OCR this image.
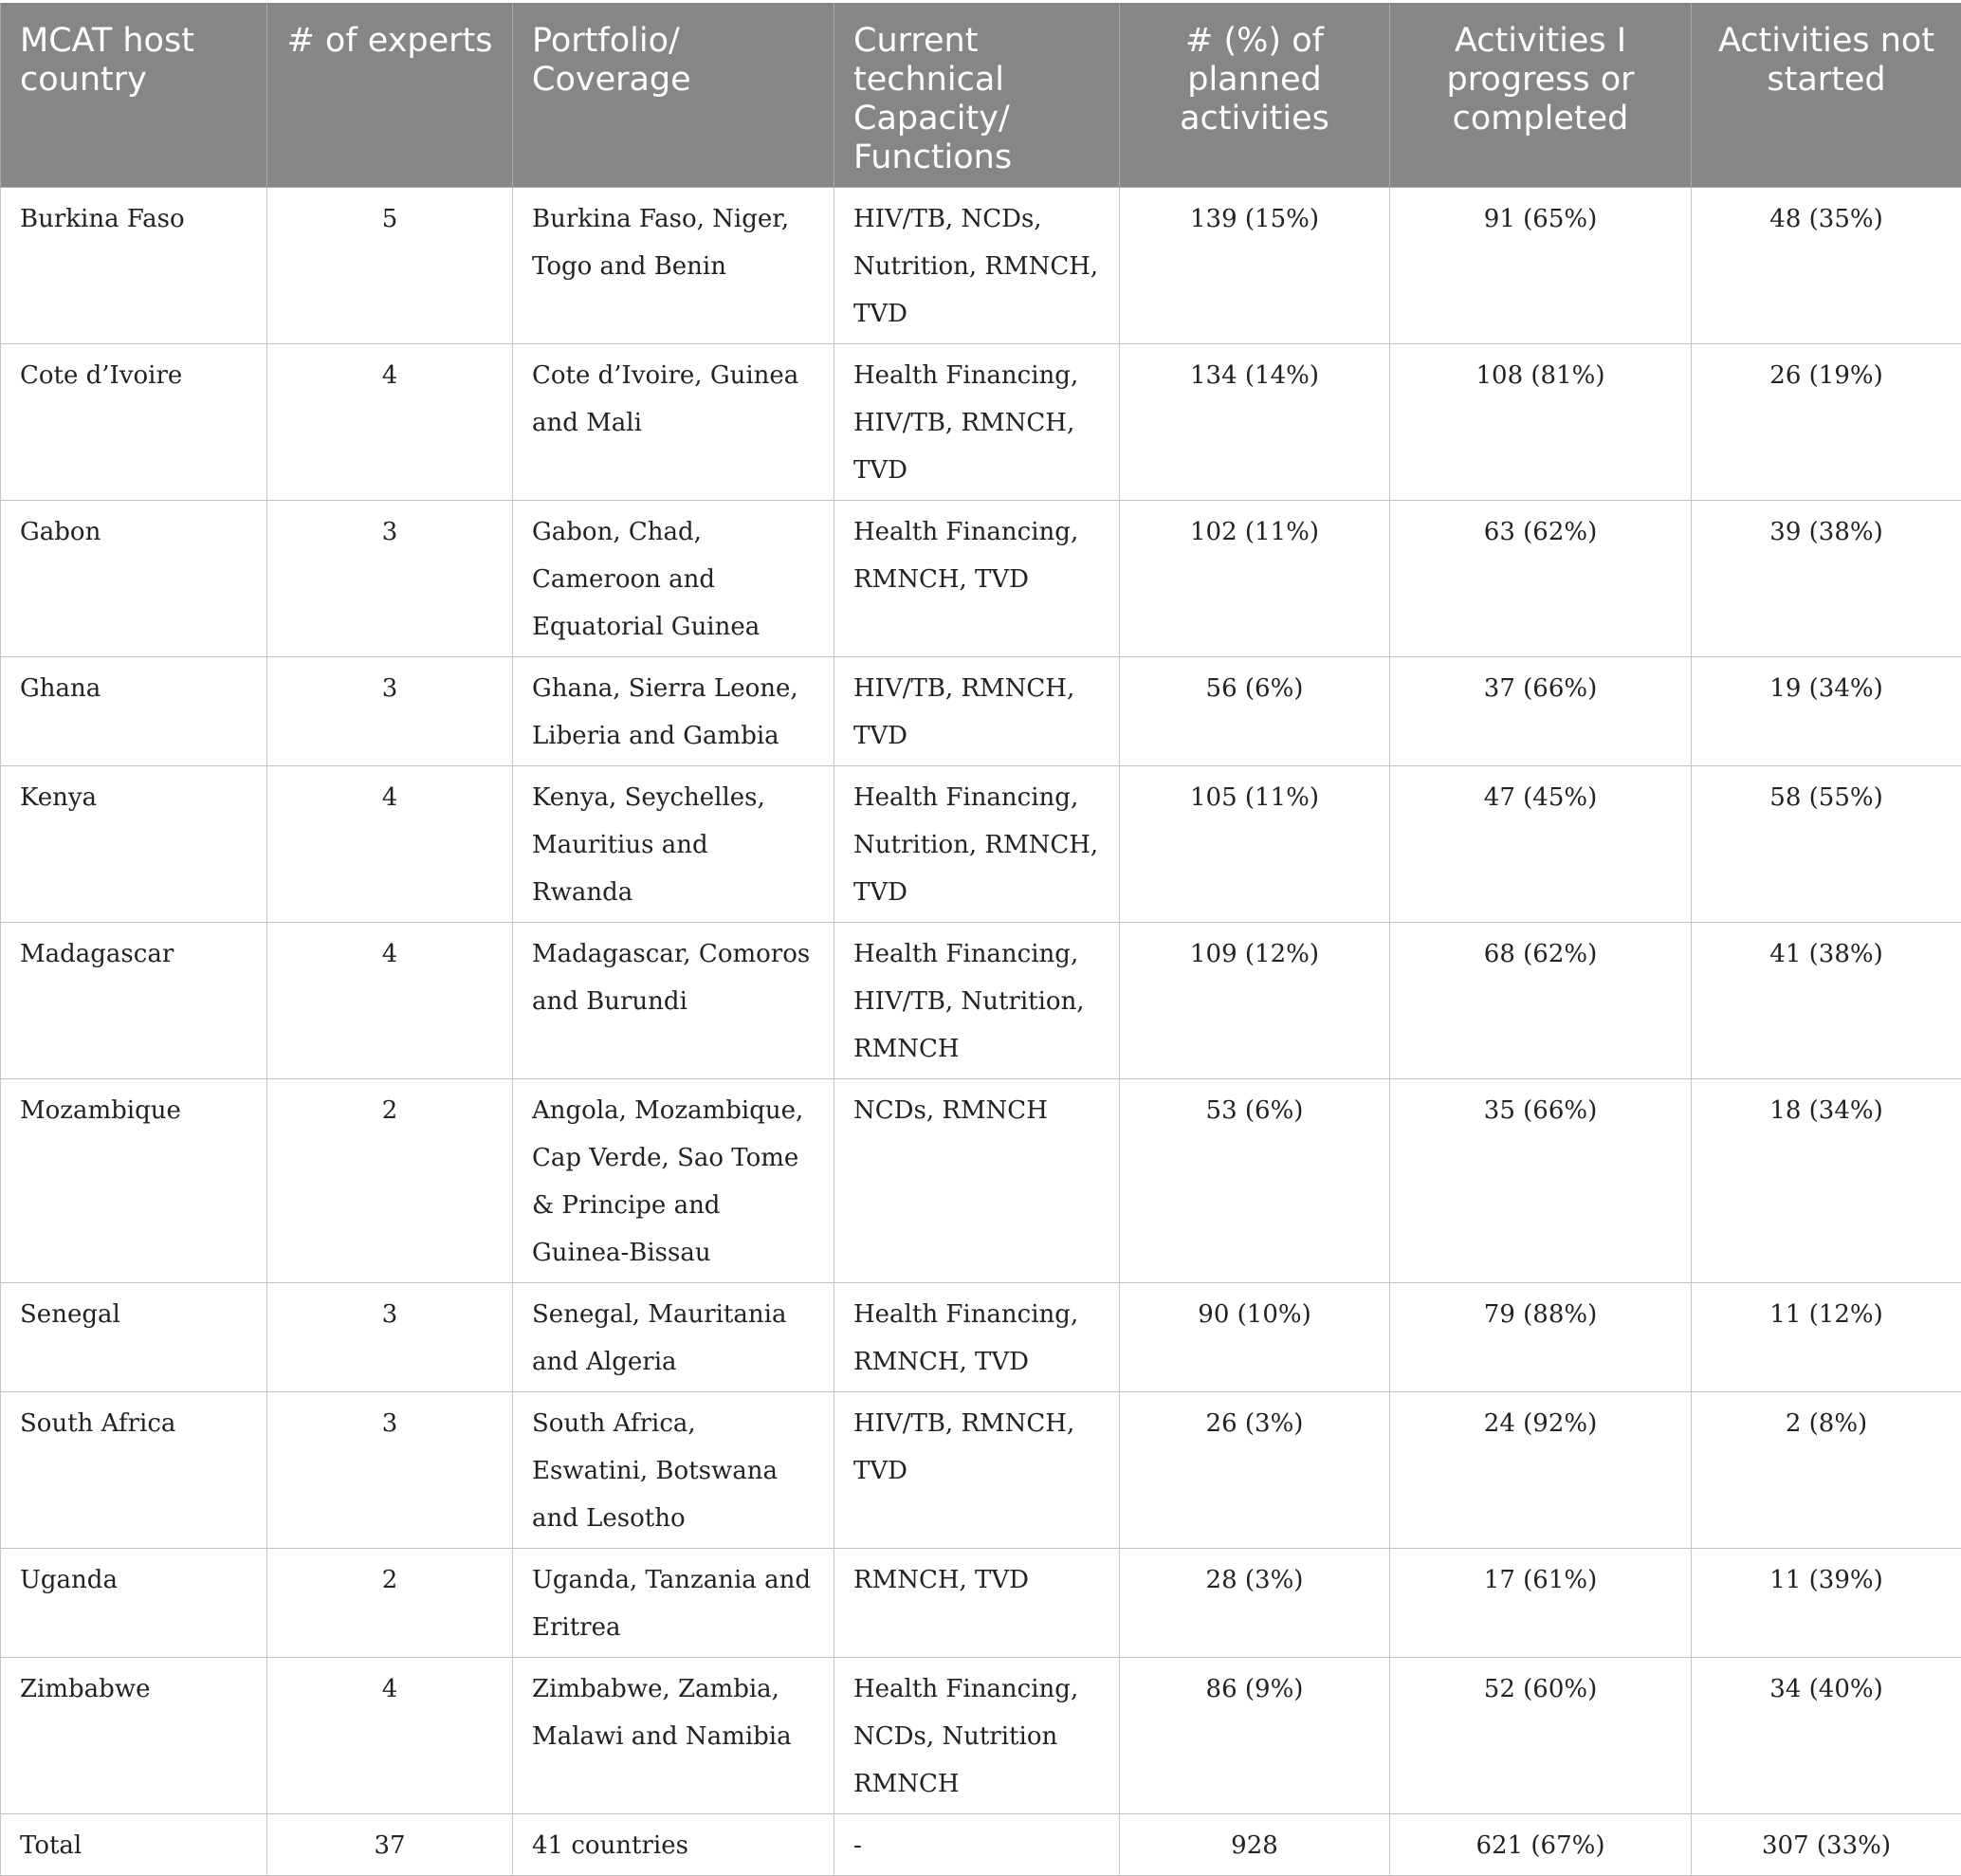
MCAT host country	# of experts	Portfolio/ Coverage	Current technical Capacity/ Functions	# (%) of planned activities	Activities I progress or completed	Activities not started
Burkina Faso	5	Burkina Faso, Niger, Togo and Benin	HIV/TB, NCDs, Nutrition, RMNCH, TVD	139 (15%)	91 (65%)	48 (35%)
Cote d’Ivoire	4	Cote d’Ivoire, Guinea and Mali	Health Financing, HIV/TB, RMNCH, TVD	134 (14%)	108 (81%)	26 (19%)
Gabon	3	Gabon, Chad, Cameroon and Equatorial Guinea	Health Financing, RMNCH, TVD	102 (11%)	63 (62%)	39 (38%)
Ghana	3	Ghana, Sierra Leone, Liberia and Gambia	HIV/TB, RMNCH, TVD	56 (6%)	37 (66%)	19 (34%)
Kenya	4	Kenya, Seychelles, Mauritius and Rwanda	Health Financing, Nutrition, RMNCH, TVD	105 (11%)	47 (45%)	58 (55%)
Madagascar	4	Madagascar, Comoros and Burundi	Health Financing, HIV/TB, Nutrition, RMNCH	109 (12%)	68 (62%)	41 (38%)
Mozambique	2	Angola, Mozambique, Cap Verde, Sao Tome & Principe and Guinea-Bissau	NCDs, RMNCH	53 (6%)	35 (66%)	18 (34%)
Senegal	3	Senegal, Mauritania and Algeria	Health Financing, RMNCH, TVD	90 (10%)	79 (88%)	11 (12%)
South Africa	3	South Africa, Eswatini, Botswana and Lesotho	HIV/TB, RMNCH, TVD	26 (3%)	24 (92%)	2 (8%)
Uganda	2	Uganda, Tanzania and Eritrea	RMNCH, TVD	28 (3%)	17 (61%)	11 (39%)
Zimbabwe	4	Zimbabwe, Zambia, Malawi and Namibia	Health Financing, NCDs, Nutrition RMNCH	86 (9%)	52 (60%)	34 (40%)
Total	37	41 countries	-	928	621 (67%)	307 (33%)
